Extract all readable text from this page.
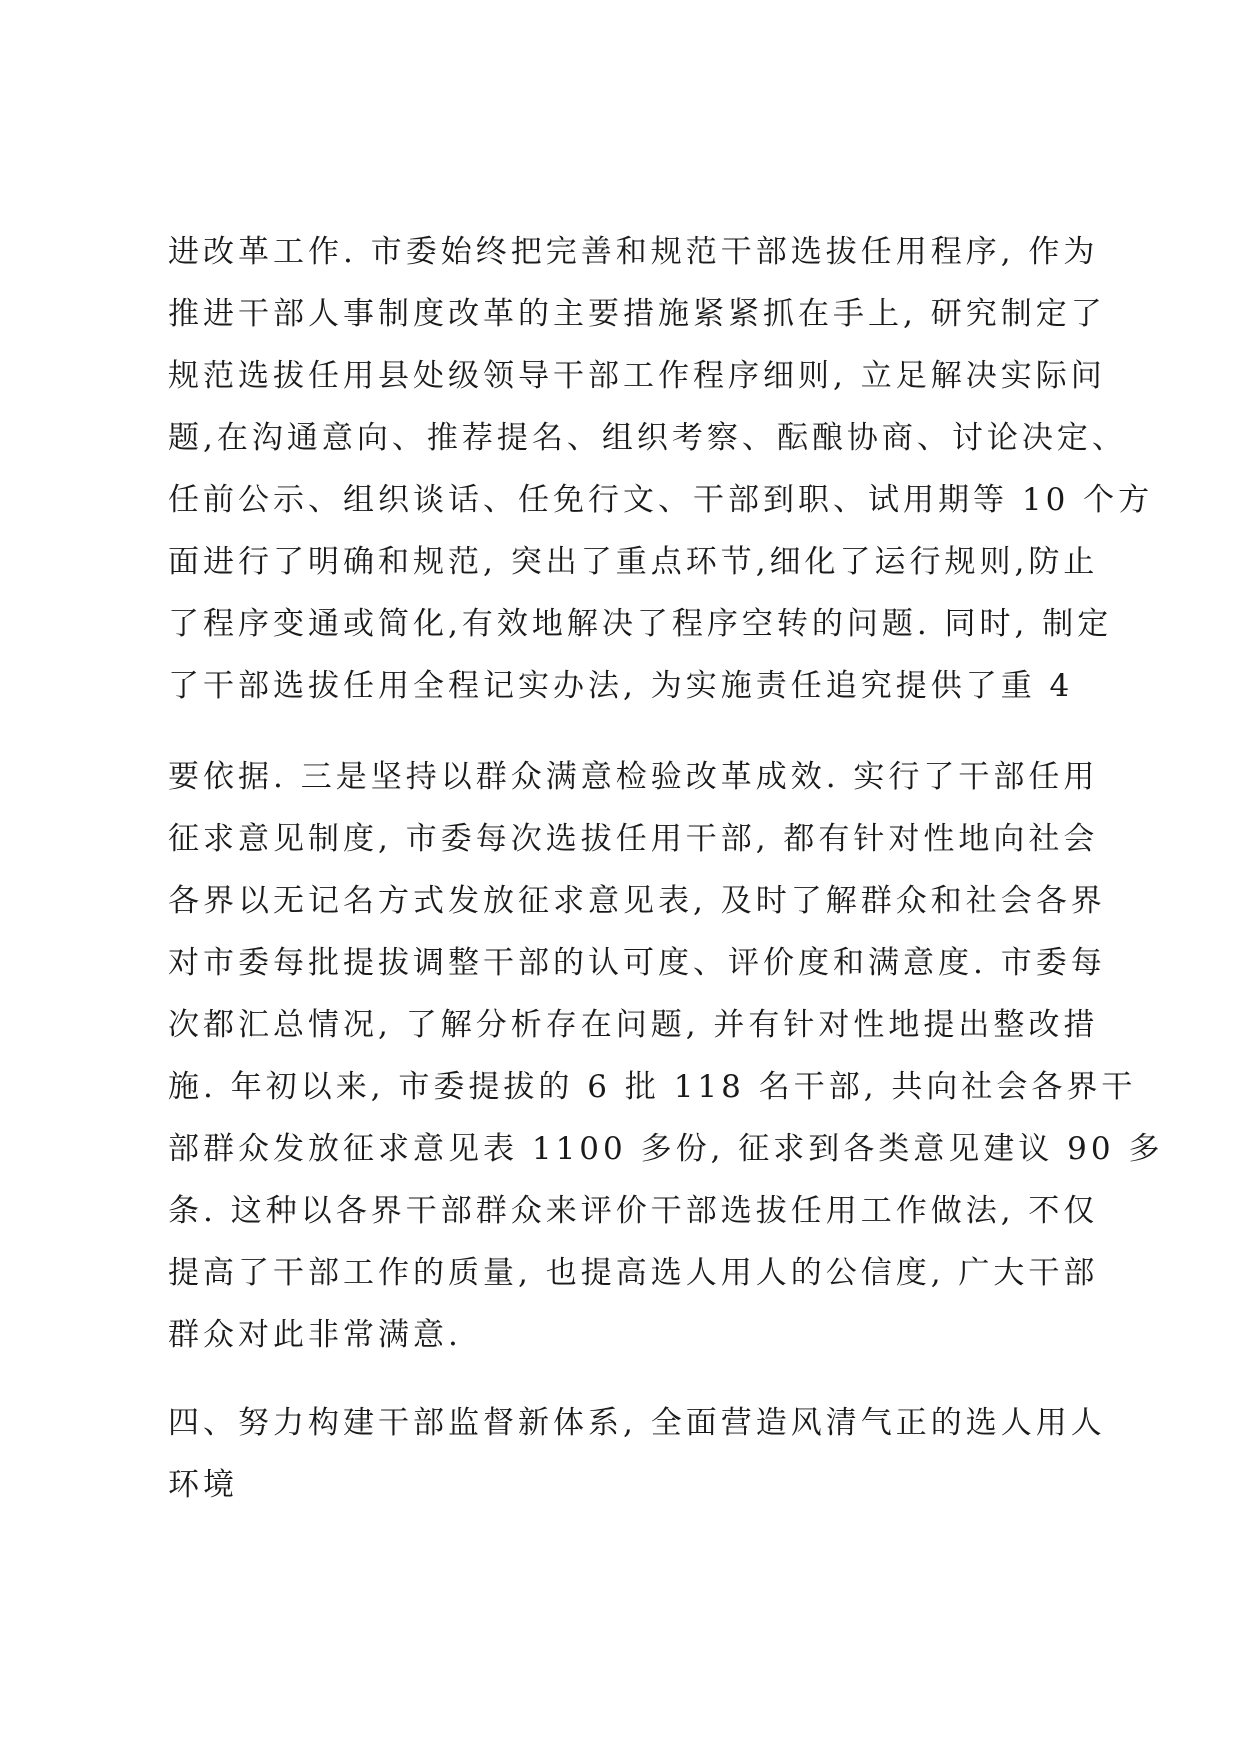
进改革工作. 市委始终把完善和规范干部选拔任用程序, 作为
推进干部人事制度改革的主要措施紧紧抓在手上, 研究制定了
规范选拔任用县处级领导干部工作程序细则, 立足解决实际问
题,在沟通意向、推荐提名、组织考察、酝酿协商、讨论决定、
任前公示、组织谈话、任免行文、干部到职、试用期等 10 个方
面进行了明确和规范, 突出了重点环节,细化了运行规则,防止
了程序变通或简化,有效地解决了程序空转的问题. 同时, 制定
了干部选拔任用全程记实办法, 为实施责任追究提供了重 4
要依据. 三是坚持以群众满意检验改革成效. 实行了干部任用
征求意见制度, 市委每次选拔任用干部, 都有针对性地向社会
各界以无记名方式发放征求意见表, 及时了解群众和社会各界
对市委每批提拔调整干部的认可度、评价度和满意度. 市委每
次都汇总情况, 了解分析存在问题, 并有针对性地提出整改措
施. 年初以来, 市委提拔的 6 批 118 名干部, 共向社会各界干
部群众发放征求意见表 1100 多份, 征求到各类意见建议 90 多
条. 这种以各界干部群众来评价干部选拔任用工作做法, 不仅
提高了干部工作的质量, 也提高选人用人的公信度, 广大干部
群众对此非常满意.
四、努力构建干部监督新体系, 全面营造风清气正的选人用人
环境
